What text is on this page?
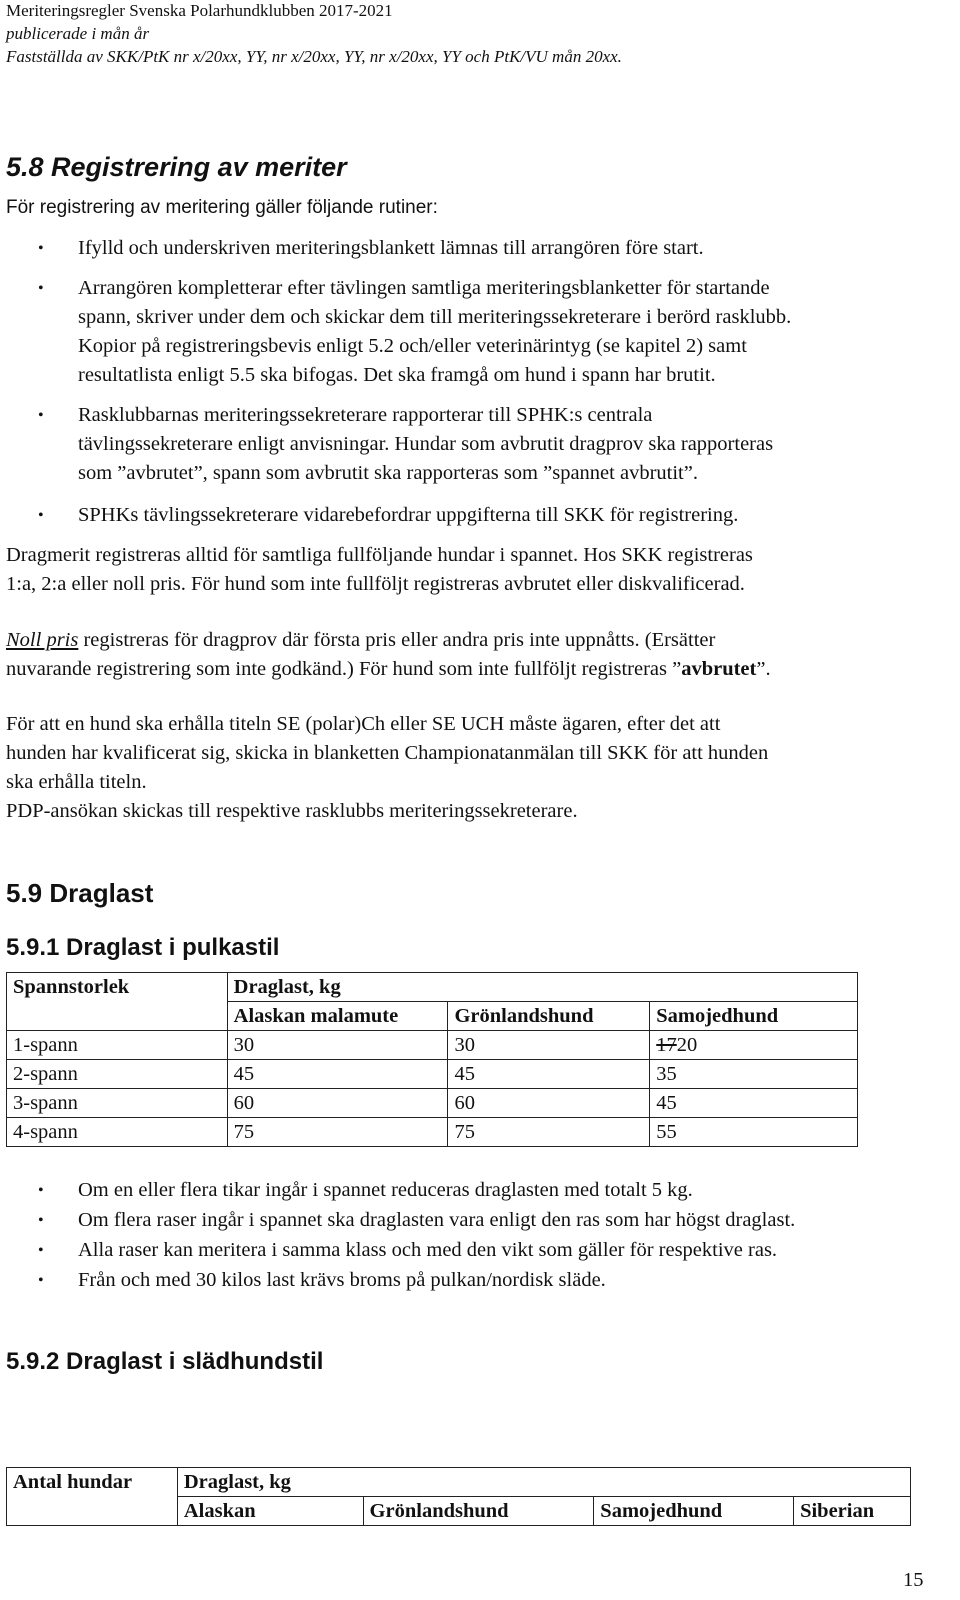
Meriteringsregler Svenska Polarhundklubben 2017-2021
publicerade i mån år
Fastställda av SKK/PtK nr x/20xx, YY, nr x/20xx, YY, nr x/20xx, YY och PtK/VU mån 20xx.
5.8 Registrering av meriter
För registrering av meritering gäller följande rutiner:
• Ifylld och underskriven meriteringsblankett lämnas till arrangören före start.
• Arrangören kompletterar efter tävlingen samtliga meriteringsblanketter för startande
spann, skriver under dem och skickar dem till meriteringssekreterare i berörd rasklubb.
Kopior på registreringsbevis enligt 5.2 och/eller veterinärintyg (se kapitel 2) samt
resultatlista enligt 5.5 ska bifogas. Det ska framgå om hund i spann har brutit.
• Rasklubbarnas meriteringssekreterare rapporterar till SPHK:s centrala
tävlingssekreterare enligt anvisningar. Hundar som avbrutit dragprov ska rapporteras
som ”avbrutet”, spann som avbrutit ska rapporteras som ”spannet avbrutit”.
• SPHKs tävlingssekreterare vidarebefordrar uppgifterna till SKK för registrering.
Dragmerit registreras alltid för samtliga fullföljande hundar i spannet. Hos SKK registreras
1:a, 2:a eller noll pris. För hund som inte fullföljt registreras avbrutet eller diskvalificerad.
Noll pris registreras för dragprov där första pris eller andra pris inte uppnåtts. (Ersätter
nuvarande registrering som inte godkänd.) För hund som inte fullföljt registreras ”avbrutet”.
För att en hund ska erhålla titeln SE (polar)Ch eller SE UCH måste ägaren, efter det att
hunden har kvalificerat sig, skicka in blanketten Championatanmälan till SKK för att hunden
ska erhålla titeln.
PDP-ansökan skickas till respektive rasklubbs meriteringssekreterare.
5.9 Draglast
5.9.1 Draglast i pulkastil
Spannstorlek	Draglast, kg		
	Alaskan malamute	Grönlandshund	Samojedhund
1-spann	30	30	1720
2-spann	45	45	35
3-spann	60	60	45
4-spann	75	75	55
• Om en eller flera tikar ingår i spannet reduceras draglasten med totalt 5 kg.
• Om flera raser ingår i spannet ska draglasten vara enligt den ras som har högst draglast.
• Alla raser kan meritera i samma klass och med den vikt som gäller för respektive ras.
• Från och med 30 kilos last krävs broms på pulkan/nordisk släde.
5.9.2 Draglast i slädhundstil
Antal hundar	Draglast, kg			
	Alaskan	Grönlandshund	Samojedhund	Siberian
15
